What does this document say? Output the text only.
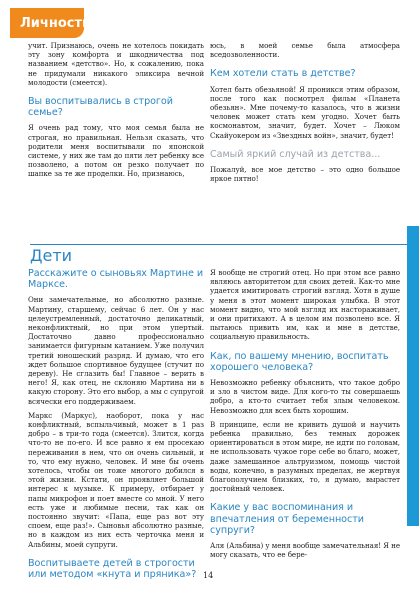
Личность

учит. Признаюсь, очень не хотелось покидать эту зону комфорта и шкодничества под названием «детство». Но, к сожалению, пока не придумали никакого эликсира вечной молодости (смеется).

Вы воспитывались в строгой семье?

Я очень рад тому, что моя семья была не строгая, но правильная. Нельзя сказать, что родители меня воспитывали по японской системе, у них же там до пяти лет ребенку все позволено, а потом он резко получает по шапке за те же проделки. Но, признаюсь,

юсь, в моей семье была атмосфера вседозволенности.

Кем хотели стать в детстве?

Хотел быть обезьяной! Я проникся этим образом, после того как посмотрел фильм «Планета обезьян». Мне почему-то казалось, что в жизни человек может стать кем угодно. Хочет быть космонавтом, значит, будет. Хочет – Люком Скайуокером из «Звездных войн», значит, будет!

Самый яркий случай из детства...

Пожалуй, все мое детство – это одно большое яркое пятно!

Дети
Расскажите о сыновьях Мартине и Марксе.

Они замечательные, но абсолютно разные. Мартину, старшему, сейчас 6 лет. Он у нас целеустремленный, достаточно деликатный, неконфликтный, но при этом упертый. Достаточно давно профессионально занимается фигурным катанием. Уже получил третий юношеский разряд. И думаю, что его ждет большое спортивное будущее (стучит по дереву). Не сглазить бы! Главное – верить в него! Я, как отец, не склоняю Мартина ни в какую сторону. Это его выбор, а мы с супругой всячески его поддерживаем.

Маркс (Маркус), наоборот, пока у нас конфликтный, вспыльчивый, может в 1 раз добро – в три-то года (смеется). Злится, когда что-то не по-его. И все равно я ем просекаю переживания в нем, что он очень сильный, и то, что ему нужно, человек. И мне бы очень хотелось, чтобы он тоже многого добился в этой жизни. Кстати, он проявляет большой интерес к музыке. К примеру, отбирает у папы микрофон и поет вместе со мной. У него есть уже и любимые песни, так как он постоянно звучит: «Папа, еще раз вот эту споем, еще раз!». Сыновья абсолютно разные, но в каждом из них есть черточка меня и Альбины, моей супруги.

Воспитываете детей в строгости или методом «кнута и пряника»?

Я вообще не строгий отец. Но при этом все равно являюсь авторитетом для своих детей. Как-то мне удается имитировать строгий взгляд. Хотя в душе у меня в этот момент широкая улыбка. В этот момент видно, что мой взгляд их настораживает, и они притихают. А в целом им позволено все. Я пытаюсь привить им, как и мне в детстве, социальную правильность.

Как, по вашему мнению, воспитать хорошего человека?

Невозможно ребенку объяснить, что такое добро и зло в чистом виде. Для кого-то ты совершаешь добро, а кто-то считает тебя злым человеком. Невозможно для всех быть хорошим.

В принципе, если не кривить душой и научить ребенка правильно, без темных дорожек ориентироваться в этом мире, не идти по головам, не использовать чужое горе себе во благо, может, даже замешанное альтруизмом, помощь чистой воды, конечно, в разумных пределах, не жертвуя благополучием близких, то, я думаю, вырастет достойный человек.

Какие у вас воспоминания и впечатления от беременности супруги?

Аля (Альбина) у меня вообще замечательная! Я не могу сказать, что ее бере-

14
